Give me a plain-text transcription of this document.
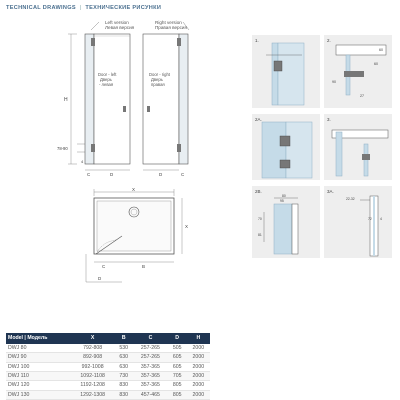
TECHNICAL DRAWINGS | ТЕХНИЧЕСКИЕ РИСУНКИ
Left version
Левая версия
Right version
Правая версия
H
78-90
Door - left
Дверь
- левая
Door - right
Дверь
правая
D
C	D	C
4
X
X
B
C
D
1.	2.
60
60
90
27
2A.	3.
2B.
80
95
70
81
3A.
22-32
72 4
Model | Модель	X	B	C	D	H
DWJ 80	792-808	530	257-265	505	2000
DWJ 90	892-908	630	257-265	605	2000
DWJ 100	992-1008	630	357-365	605	2000
DWJ 110	1092-1108	730	357-365	705	2000
DWJ 120	1192-1208	830	357-365	805	2000
DWJ 130	1292-1308	830	457-465	805	2000
